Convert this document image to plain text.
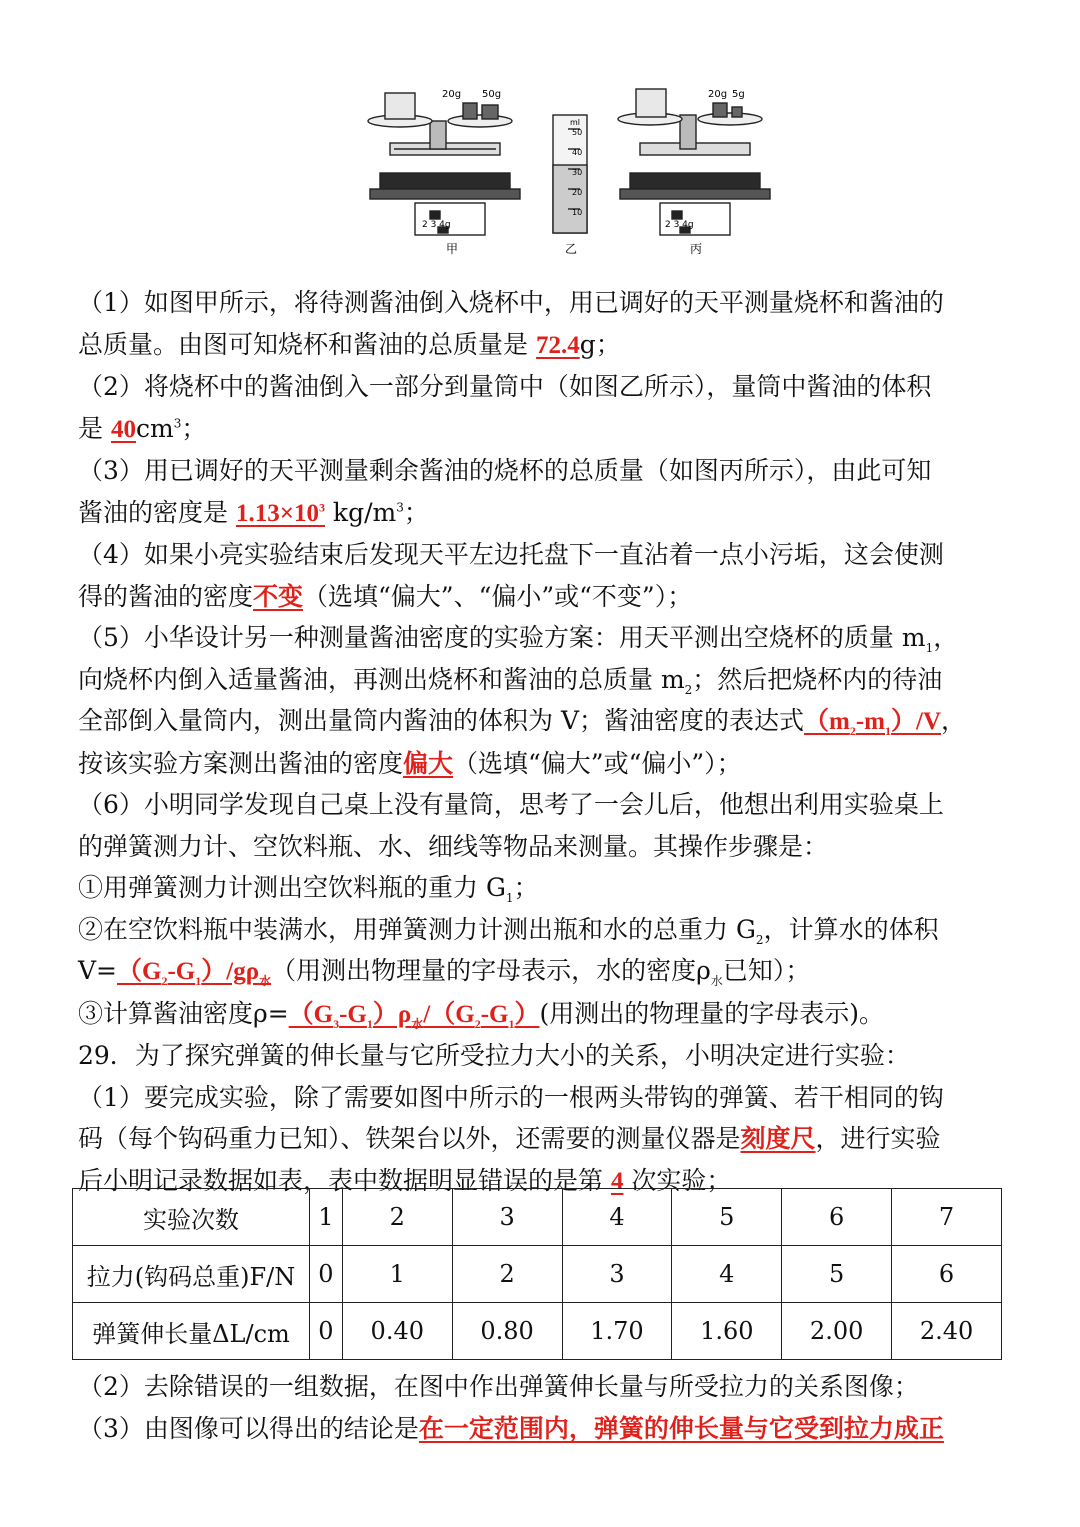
20g 50g	20g 5g
ml
50
40
30
20
10
2 3 4g	2 3 4g
甲	乙	丙
（1）如图甲所示，将待测酱油倒入烧杯中，用已调好的天平测量烧杯和酱油的
总质量。由图可知烧杯和酱油的总质量是 72.4g；
（2）将烧杯中的酱油倒入一部分到量筒中（如图乙所示），量筒中酱油的体积
是 $40cm^3$；
（3）用已调好的天平测量剩余酱油的烧杯的总质量（如图丙所示），由此可知
酱油的密度是 $1.13\times 10^3$ $kg/m^3$；
（4）如果小亮实验结束后发现天平左边托盘下一直沾着一点小污垢，这会使测
得的酱油的密度不变（选填“偏大”、“偏小”或“不变”）；
（5）小华设计另一种测量酱油密度的实验方案：用天平测出空烧杯的质量 $m_1$，
向烧杯内倒入适量酱油，再测出烧杯和酱油的总质量 $m_2$；然后把烧杯内的待油
全部倒入量筒内，测出量筒内酱油的体积为 V；酱油密度的表达式$(m_2-m_1)/V$，
按该实验方案测出酱油的密度偏大（选填“偏大”或“偏小”）；
（6）小明同学发现自己桌上没有量筒，思考了一会儿后，他想出利用实验桌上
的弹簧测力计、空饮料瓶、水、细线等物品来测量。其操作步骤是：
①用弹簧测力计测出空饮料瓶的重力 $G_1$；
②在空饮料瓶中装满水，用弹簧测力计测出瓶和水的总重力 $G_2$，计算水的体积
$V=(G_2-G_1)/g\rho_水$（用测出物理量的字母表示，水的密度$\rho_水$已知）；
③计算酱油密度$\rho=(G_3-G_1)\rho_水/(G_2-G_1)$(用测出的物理量的字母表示)。
29．为了探究弹簧的伸长量与它所受拉力大小的关系，小明决定进行实验：
（1）要完成实验，除了需要如图中所示的一根两头带钩的弹簧、若干相同的钩
码（每个钩码重力已知）、铁架台以外，还需要的测量仪器是刻度尺，进行实验
后小明记录数据如表，表中数据明显错误的是第 4 次实验；
实验次数	1	2	3	4	5	6	7
拉力(钩码总重)F/N	0	1	2	3	4	5	6
弹簧伸长量ΔL/cm	0	0.40	0.80	1.70	1.60	2.00	2.40
（2）去除错误的一组数据，在图中作出弹簧伸长量与所受拉力的关系图像；
（3）由图像可以得出的结论是在一定范围内，弹簧的伸长量与它受到拉力成正
